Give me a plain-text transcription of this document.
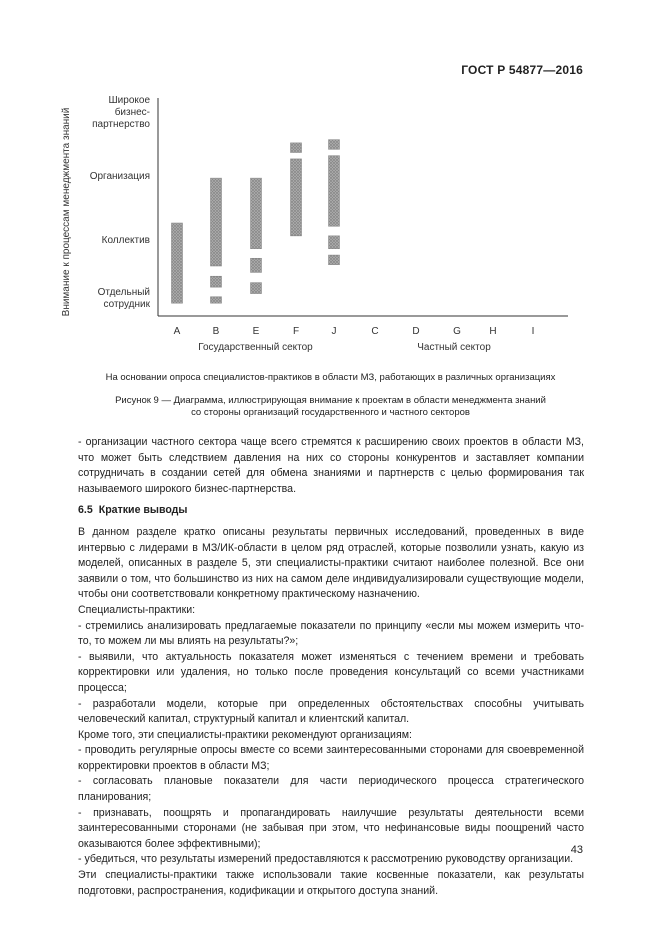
ГОСТ Р 54877—2016
Отдельный
сотрудник
Коллектив
Организация
Широкое
бизнес-
партнерство
A	B	E	F	J	C	D	G	H	I
Государственный сектор	Частный сектор
Внимание к процессам менеджмента знаний
На основании опроса специалистов-практиков в области МЗ, работающих в различных организациях
Рисунок 9 — Диаграмма, иллюстрирующая внимание к проектам в области менеджмента знаний
со стороны организаций государственного и частного секторов

- организации частного сектора чаще всего стремятся к расширению своих проектов в области МЗ, что может быть следствием давления на них со стороны конкурентов и заставляет компании сотрудничать в создании сетей для обмена знаниями и партнерств с целью формирования так называемого широкого бизнес-партнерства.

6.5 Краткие выводы

В данном разделе кратко описаны результаты первичных исследований, проведенных в виде интервью с лидерами в МЗ/ИК-области в целом ряд отраслей, которые позволили узнать, какую из моделей, описанных в разделе 5, эти специалисты-практики считают наиболее полезной. Все они заявили о том, что большинство из них на самом деле индивидуализировали существующие модели, чтобы они соответствовали конкретному практическому назначению.

Специалисты-практики:

- стремились анализировать предлагаемые показатели по принципу «если мы можем измерить что-то, то можем ли мы влиять на результаты?»;

- выявили, что актуальность показателя может изменяться с течением времени и требовать корректировки или удаления, но только после проведения консультаций со всеми участниками процесса;

- разработали модели, которые при определенных обстоятельствах способны учитывать человеческий капитал, структурный капитал и клиентский капитал.

Кроме того, эти специалисты-практики рекомендуют организациям:

- проводить регулярные опросы вместе со всеми заинтересованными сторонами для своевременной корректировки проектов в области МЗ;

- согласовать плановые показатели для части периодического процесса стратегического планирования;

- признавать, поощрять и пропагандировать наилучшие результаты деятельности всеми заинтересованными сторонами (не забывая при этом, что нефинансовые виды поощрений часто оказываются более эффективными);

- убедиться, что результаты измерений предоставляются к рассмотрению руководству организации.

Эти специалисты-практики также использовали такие косвенные показатели, как результаты подготовки, распространения, кодификации и открытого доступа знаний.

43
